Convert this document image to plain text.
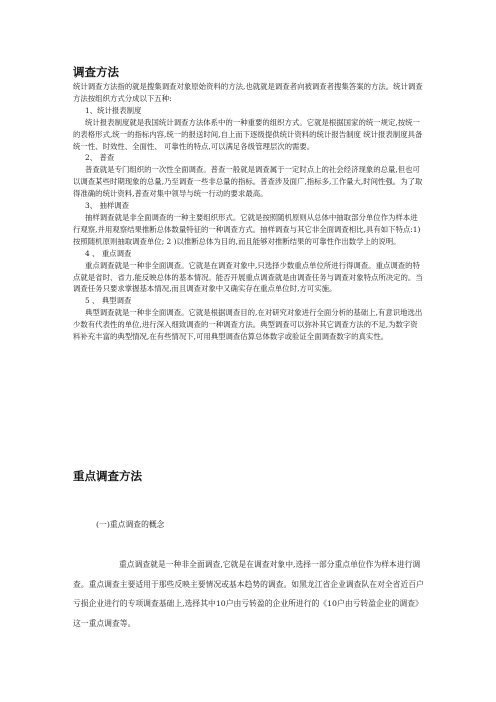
调查方法

统计调查方法指的就是搜集调查对象原始资料的方法,也就就是调查者向被调查者搜集答案的方法。统计调查方法按组织方式分成以下五种:

1、统计报表制度

统计报表制度就是我国统计调查方法体系中的一种重要的组织方式。它就是根据国家的统一规定,按统一的表格形式,统一的指标内容,统一的报送时间,自上而下逐级提供统计资料的统计报告制度 统计报表制度具备统一性、时效性、全面性、 可靠性的特点,可以满足各级管理层次的需要。

2、 普查

普查就是专门组织的一次性全面调查。普查一般就是调查属于一定时点上的社会经济现象的总量,但也可以调查某些时期现象的总量,乃至调查一些非总量的指标。普查涉及面广,指标多,工作量大,时间性强。为了取得准确的统计资料,普查对集中领导与统一行动的要求最高。

3、 抽样调查

抽样调查就是非全面调查的一种主要组织形式。它就是按照随机原则从总体中抽取部分单位作为样本进行观察,并用观察结果推断总体数量特征的一种调查方式。抽样调查与其它非全面调查相比,具有如下特点:1)按照随机原则抽取调查单位; 2 )以推断总体为目的,而且能够对推断结果的可靠性作出数学上的说明。

4 、 重点调查

重点调查就是一种非全面调查。它就是在调查对象中,只选择少数重点单位所进行得调查。重点调查的特点就是省时、省力,能反映总体的基本情况。能否开展重点调查就是由调查任务与调查对象特点所决定的。当调查任务只要求掌握基本情况,而且调查对象中又确实存在重点单位时,方可实施。

5 、 典型调查

典型调查就是一种非全面调查。它就是根据调查目的,在对研究对象进行全面分析的基础上,有意识地选出少数有代表性的单位,进行深入细致调查的一种调查方法。典型调查可以弥补其它调查方法的不足,为数字资料补充丰富的典型情况,在有些情况下,可用典型调查估算总体数字或验证全面调查数字的真实性。

重点调查方法
(一)重点调查的概念

重点调查就是一种非全面调查,它就是在调查对象中,选择一部分重点单位作为样本进行调查。重点调查主要适用于那些反映主要情况或基本趋势的调查。如黑龙江省企业调查队在对全省近百户亏损企业进行的专项调查基础上,选择其中10户由亏转盈的企业所进行的《10户由亏转盈企业的调查》这一重点调查等。
